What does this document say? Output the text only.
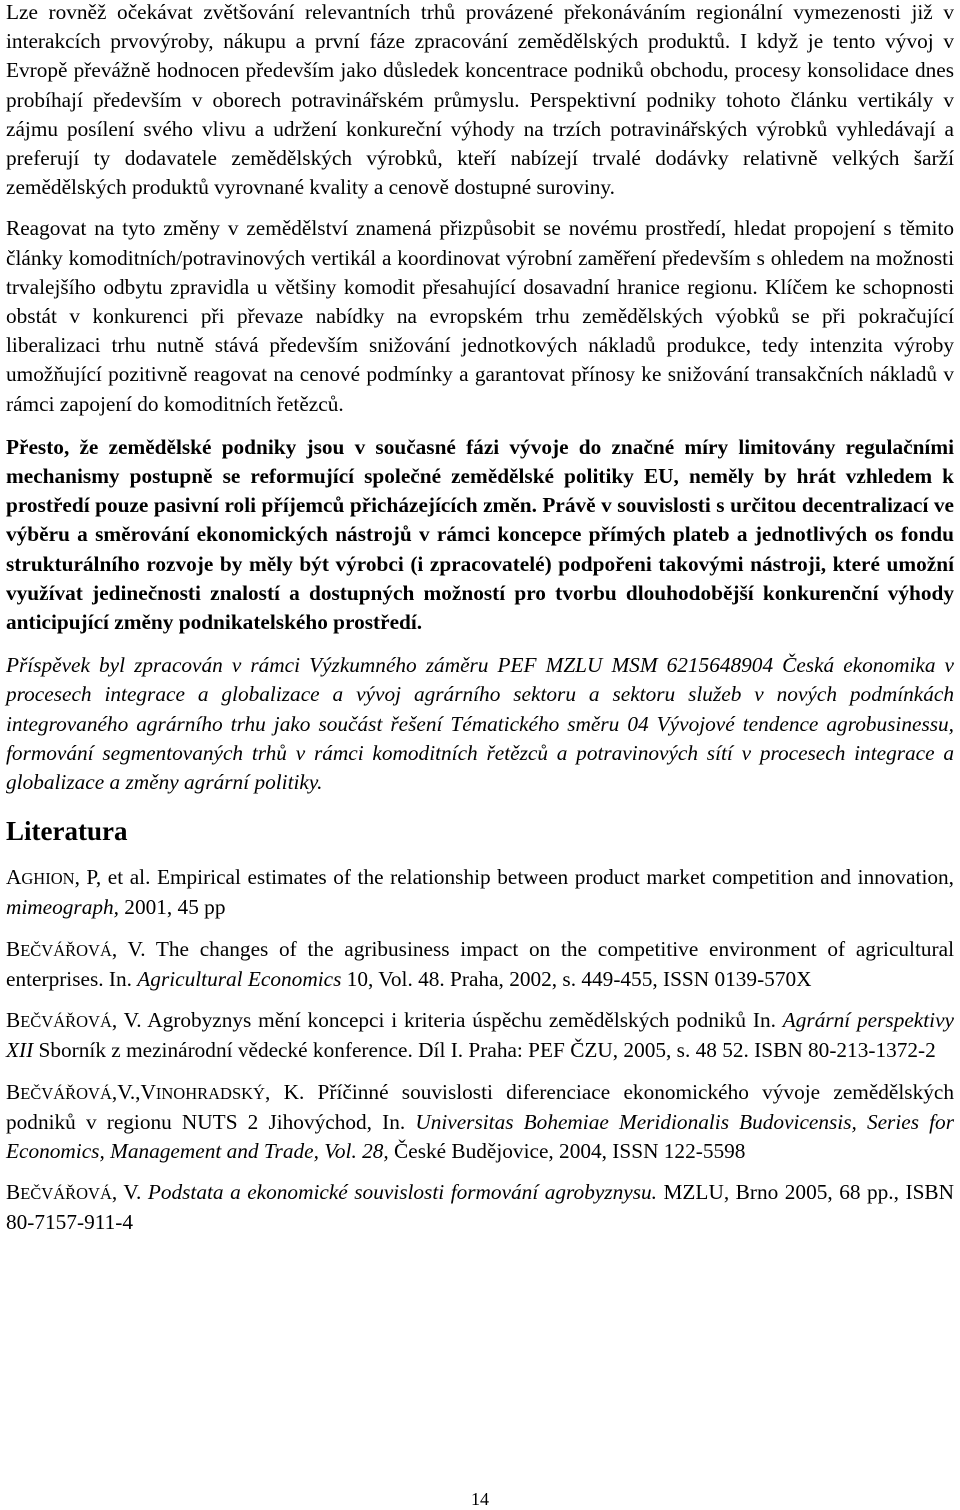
Lze rovněž očekávat zvětšování relevantních trhů provázené překonáváním regionální vymezenosti již v interakcích prvovýroby, nákupu a první fáze zpracování zemědělských produktů. I když je tento vývoj v Evropě převážně hodnocen především jako důsledek koncentrace podniků obchodu, procesy konsolidace dnes probíhají především v oborech potravinářském průmyslu. Perspektivní podniky tohoto článku vertikály v zájmu posílení svého vlivu a udržení konkureční výhody na trzích potravinářských výrobků vyhledávají a preferují ty dodavatele zemědělských výrobků, kteří nabízejí trvalé dodávky relativně velkých šarží zemědělských produktů vyrovnané kvality a cenově dostupné suroviny.

Reagovat na tyto změny v zemědělství znamená přizpůsobit se novému prostředí, hledat propojení s těmito články komoditních/potravinových vertikál a koordinovat výrobní zaměření především s ohledem na možnosti trvalejšího odbytu zpravidla u většiny komodit přesahující dosavadní hranice regionu. Klíčem ke schopnosti obstát v konkurenci při převaze nabídky na evropském trhu zemědělských výobků se při pokračující liberalizaci trhu nutně stává především snižování jednotkových nákladů produkce, tedy intenzita výroby umožňující pozitivně reagovat na cenové podmínky a garantovat přínosy ke snižování transakčních nákladů v rámci zapojení do komoditních řetězců.

Přesto, že zemědělské podniky jsou v současné fázi vývoje do značné míry limitovány regulačními mechanismy postupně se reformující společné zemědělské politiky EU, neměly by hrát vzhledem k prostředí pouze pasivní roli příjemců přicházejících změn. Právě v souvislosti s určitou decentralizací ve výběru a směrování ekonomických nástrojů v rámci koncepce přímých plateb a jednotlivých os fondu strukturálního rozvoje by měly být výrobci (i zpracovatelé) podpořeni takovými nástroji, které umožní využívat jedinečnosti znalostí a dostupných možností pro tvorbu dlouhodobější konkurenční výhody anticipující změny podnikatelského prostředí.

Příspěvek byl zpracován v rámci Výzkumného záměru PEF MZLU MSM 6215648904 Česká ekonomika v procesech integrace a globalizace a vývoj agrárního sektoru a sektoru služeb v nových podmínkách integrovaného agrárního trhu jako součást řešení Tématického směru 04 Vývojové tendence agrobusinessu, formování segmentovaných trhů v rámci komoditních řetězců a potravinových sítí v procesech integrace a globalizace a změny agrární politiky.

Literatura

AGHION, P, et al. Empirical estimates of the relationship between product market competition and innovation, mimeograph, 2001, 45 pp

BEČVÁŘOVÁ, V. The changes of the agribusiness impact on the competitive environment of agricultural enterprises. In. Agricultural Economics 10, Vol. 48. Praha, 2002, s. 449-455, ISSN 0139-570X

BEČVÁŘOVÁ, V. Agrobyznys mění koncepci i kriteria úspěchu zemědělských podniků In. Agrární perspektivy XII Sborník z mezinárodní vědecké konference. Díl I. Praha: PEF ČZU, 2005, s. 48 52. ISBN 80-213-1372-2

BEČVÁŘOVÁ,V.,VINOHRADSKÝ, K. Příčinné souvislosti diferenciace ekonomického vývoje zemědělských podniků v regionu NUTS 2 Jihovýchod, In. Universitas Bohemiae Meridionalis Budovicensis, Series for Economics, Management and Trade, Vol. 28, České Budějovice, 2004, ISSN 122-5598

BEČVÁŘOVÁ, V. Podstata a ekonomické souvislosti formování agrobyznysu. MZLU, Brno 2005, 68 pp., ISBN 80-7157-911-4

14
